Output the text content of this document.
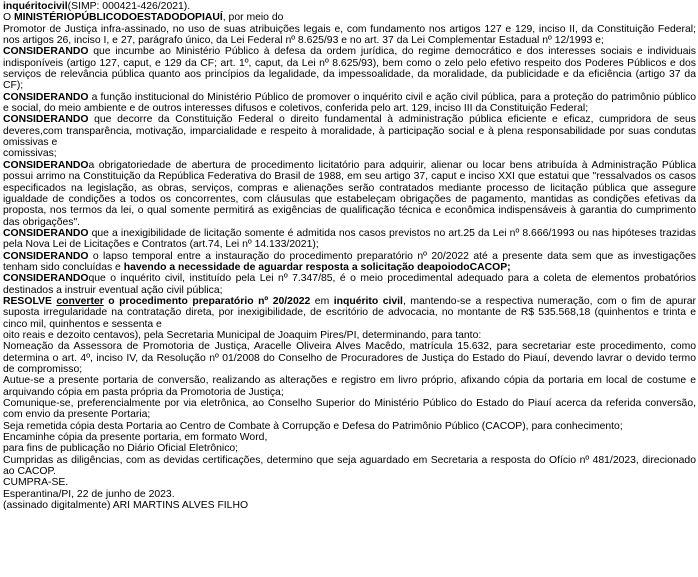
inquéritocivil(SIMP: 000421-426/2021).

O MINISTÉRIOPÚBLICODOESTADODOPIAUÍ, por meio do

Promotor de Justiça infra-assinado, no uso de suas atribuições legais e, com fundamento nos artigos 127 e 129, inciso II, da Constituição Federal; nos artigos 26, inciso I, e 27, parágrafo único, da Lei Federal nº 8.625/93 e no art. 37 da Lei Complementar Estadual nº 12/1993 e;

CONSIDERANDO que incumbe ao Ministério Público à defesa da ordem jurídica, do regime democrático e dos interesses sociais e individuais indisponíveis (artigo 127, caput, e 129 da CF; art. 1º, caput, da Lei nº 8.625/93), bem como o zelo pelo efetivo respeito dos Poderes Públicos e dos serviços de relevância pública quanto aos princípios da legalidade, da impessoalidade, da moralidade, da publicidade e da eficiência (artigo 37 da CF);

CONSIDERANDO a função institucional do Ministério Público de promover o inquérito civil e ação civil pública, para a proteção do patrimônio público e social, do meio ambiente e de outros interesses difusos e coletivos, conferida pelo art. 129, inciso III da Constituição Federal;

CONSIDERANDO que decorre da Constituição Federal o direito fundamental à administração pública eficiente e eficaz, cumpridora de seus deveres,com transparência, motivação, imparcialidade e respeito à moralidade, à participação social e à plena responsabilidade por suas condutas omissivas e

comissivas;

CONSIDERANDOa obrigatoriedade de abertura de procedimento licitatório para adquirir, alienar ou locar bens atribuída à Administração Pública possui arrimo na Constituição da República Federativa do Brasil de 1988, em seu artigo 37, caput e inciso XXI que estatui que "ressalvados os casos especificados na legislação, as obras, serviços, compras e alienações serão contratados mediante processo de licitação pública que assegure igualdade de condições a todos os concorrentes, com cláusulas que estabeleçam obrigações de pagamento, mantidas as condições efetivas da proposta, nos termos da lei, o qual somente permitirá as exigências de qualificação técnica e econômica indispensáveis à garantia do cumprimento das obrigações".

CONSIDERANDO que a inexigibilidade de licitação somente é admitida nos casos previstos no art.25 da Lei nº 8.666/1993 ou nas hipóteses trazidas pela Nova Lei de Licitações e Contratos (art.74, Lei nº 14.133/2021);

CONSIDERANDO o lapso temporal entre a instauração do procedimento preparatório nº 20/2022 até a presente data sem que as investigações tenham sido concluídas e havendo a necessidade de aguardar resposta a solicitação deapoiodoCACOP;

CONSIDERANDOque o inquérito civil, instituído pela Lei nº 7.347/85, é o meio procedimental adequado para a coleta de elementos probatórios destinados a instruir eventual ação civil pública;

RESOLVE converter o procedimento preparatório nº 20/2022 em inquérito civil, mantendo-se a respectiva numeração, com o fim de apurar suposta irregularidade na contratação direta, por inexigibilidade, de escritório de advocacia, no montante de R$ 535.568,18 (quinhentos e trinta e cinco mil, quinhentos e sessenta e

oito reais e dezoito centavos), pela Secretaria Municipal de Joaquim Pires/PI, determinando, para tanto:

Nomeação da Assessora de Promotoria de Justiça, Aracelle Oliveira Alves Macêdo, matrícula 15.632, para secretariar este procedimento, como determina o art. 4º, inciso IV, da Resolução nº 01/2008 do Conselho de Procuradores de Justiça do Estado do Piauí, devendo lavrar o devido termo de compromisso;

Autue-se a presente portaria de conversão, realizando as alterações e registro em livro próprio, afixando cópia da portaria em local de costume e arquivando cópia em pasta própria da Promotoria de Justiça;

Comunique-se, preferencialmente por via eletrônica, ao Conselho Superior do Ministério Público do Estado do Piauí acerca da referida conversão, com envio da presente Portaria;

Seja remetida cópia desta Portaria ao Centro de Combate à Corrupção e Defesa do Patrimônio Público (CACOP), para conhecimento;

Encaminhe cópia da presente portaria, em formato Word,

para fins de publicação no Diário Oficial Eletrônico;

Cumpridas as diligências, com as devidas certificações, determino que seja aguardado em Secretaria a resposta do Ofício nº 481/2023, direcionado ao CACOP.

CUMPRA-SE.

Esperantina/PI, 22 de junho de 2023.

(assinado digitalmente) ARI MARTINS ALVES FILHO
